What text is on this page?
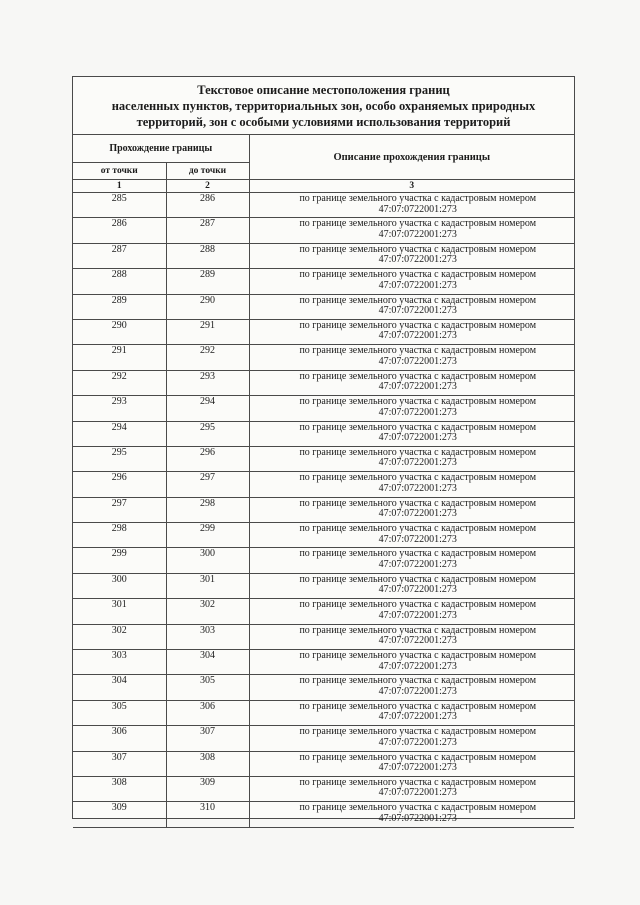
Текстовое описание местоположения границ
населенных пунктов, территориальных зон, особо охраняемых природных
территорий, зон с особыми условиями использования территорий
Прохождение границы		Описание прохождения границы
от точки	до точки	
1	2	3
285	286	по границе земельного участка с кадастровым номером
47:07:0722001:273

286	287	по границе земельного участка с кадастровым номером
47:07:0722001:273

287	288	по границе земельного участка с кадастровым номером
47:07:0722001:273

288	289	по границе земельного участка с кадастровым номером
47:07:0722001:273

289	290	по границе земельного участка с кадастровым номером
47:07:0722001:273

290	291	по границе земельного участка с кадастровым номером
47:07:0722001:273

291	292	по границе земельного участка с кадастровым номером
47:07:0722001:273

292	293	по границе земельного участка с кадастровым номером
47:07:0722001:273

293	294	по границе земельного участка с кадастровым номером
47:07:0722001:273

294	295	по границе земельного участка с кадастровым номером
47:07:0722001:273

295	296	по границе земельного участка с кадастровым номером
47:07:0722001:273

296	297	по границе земельного участка с кадастровым номером
47:07:0722001:273

297	298	по границе земельного участка с кадастровым номером
47:07:0722001:273

298	299	по границе земельного участка с кадастровым номером
47:07:0722001:273

299	300	по границе земельного участка с кадастровым номером
47:07:0722001:273

300	301	по границе земельного участка с кадастровым номером
47:07:0722001:273

301	302	по границе земельного участка с кадастровым номером
47:07:0722001:273

302	303	по границе земельного участка с кадастровым номером
47:07:0722001:273

303	304	по границе земельного участка с кадастровым номером
47:07:0722001:273

304	305	по границе земельного участка с кадастровым номером
47:07:0722001:273

305	306	по границе земельного участка с кадастровым номером
47:07:0722001:273

306	307	по границе земельного участка с кадастровым номером
47:07:0722001:273

307	308	по границе земельного участка с кадастровым номером
47:07:0722001:273

308	309	по границе земельного участка с кадастровым номером
47:07:0722001:273

309	310	по границе земельного участка с кадастровым номером
47:07:0722001:273
